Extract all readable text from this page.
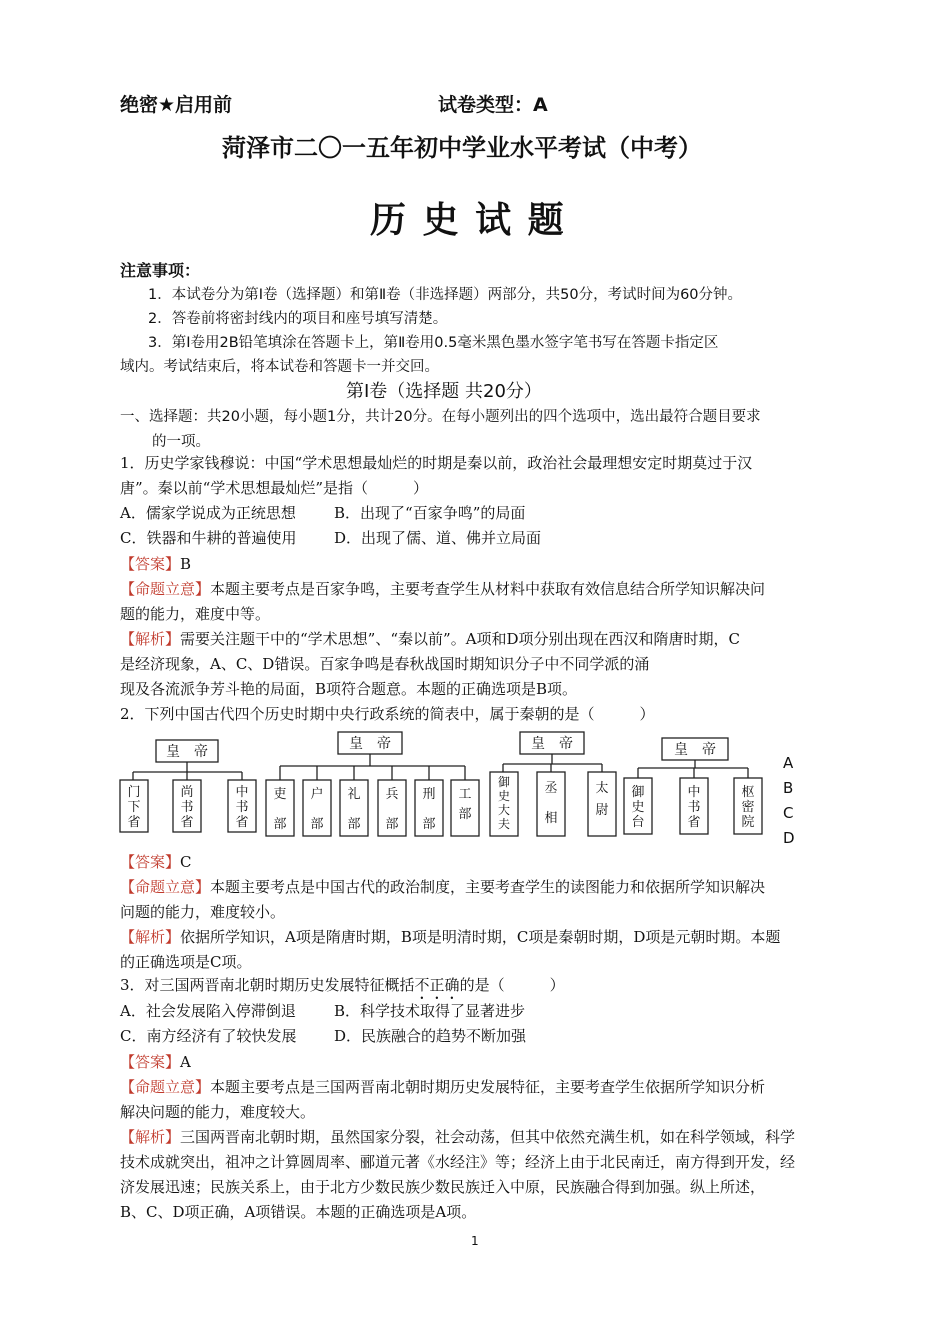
绝密★启用前	试卷类型：A
菏泽市二〇一五年初中学业水平考试（中考）
历 史 试 题
注意事项：
1．本试卷分为第Ⅰ卷（选择题）和第Ⅱ卷（非选择题）两部分，共50分，考试时间为60分钟。
2．答卷前将密封线内的项目和座号填写清楚。
3．第Ⅰ卷用2B铅笔填涂在答题卡上，第Ⅱ卷用0.5毫米黑色墨水签字笔书写在答题卡指定区
域内。考试结束后，将本试卷和答题卡一并交回。
第Ⅰ卷（选择题 共20分）
一、选择题：共20小题，每小题1分，共计20分。在每小题列出的四个选项中，选出最符合题目要求
的一项。
1．历史学家钱穆说：中国“学术思想最灿烂的时期是秦以前，政治社会最理想安定时期莫过于汉
唐”。秦以前“学术思想最灿烂”是指（　　　）
A．儒家学说成为正统思想	B．出现了“百家争鸣”的局面
C．铁器和牛耕的普遍使用	D．出现了儒、道、佛并立局面
【答案】B
【命题立意】本题主要考点是百家争鸣，主要考查学生从材料中获取有效信息结合所学知识解决问
题的能力，难度中等。
【解析】需要关注题干中的“学术思想”、“秦以前”。A项和D项分别出现在西汉和隋唐时期，C
是经济现象，A、C、D错误。百家争鸣是春秋战国时期知识分子中不同学派的涌
现及各流派争芳斗艳的局面，B项符合题意。本题的正确选项是B项。
2．下列中国古代四个历史时期中央行政系统的简表中，属于秦朝的是（　　　）
皇　帝
门
下
省
尚
书
省
中
书
省
皇　帝
吏
部
户
部
礼
部
兵
部
刑
部
工
部
皇　帝
御
史
大
夫
丞
相
太
尉
皇　帝
御
史
台
中
书
省
枢
密
院
A
B
C
D
【答案】C
【命题立意】本题主要考点是中国古代的政治制度，主要考查学生的读图能力和依据所学知识解决
问题的能力，难度较小。
【解析】依据所学知识，A项是隋唐时期，B项是明清时期，C项是秦朝时期，D项是元朝时期。本题
的正确选项是C项。
3．对三国两晋南北朝时期历史发展特征概括不正确的是（　　　）
A．社会发展陷入停滞倒退	B．科学技术取得了显著进步
C．南方经济有了较快发展	D．民族融合的趋势不断加强
【答案】A
【命题立意】本题主要考点是三国两晋南北朝时期历史发展特征，主要考查学生依据所学知识分析
解决问题的能力，难度较大。
【解析】三国两晋南北朝时期，虽然国家分裂，社会动荡，但其中依然充满生机，如在科学领域，科学
技术成就突出，祖冲之计算圆周率、郦道元著《水经注》等；经济上由于北民南迁，南方得到开发，经
济发展迅速；民族关系上，由于北方少数民族少数民族迁入中原，民族融合得到加强。纵上所述，
B、C、D项正确，A项错误。本题的正确选项是A项。
1
